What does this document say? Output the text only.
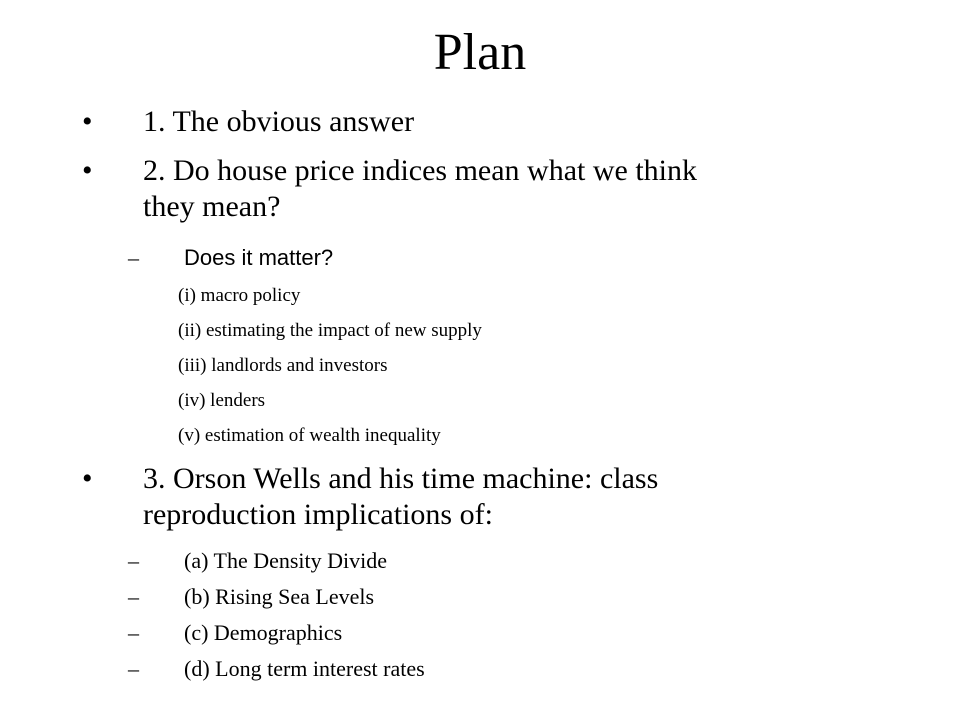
Plan
• 1. The obvious answer
• 2. Do house price indices mean what we think
they mean?
– Does it matter?
(i) macro policy
(ii) estimating the impact of new supply
(iii) landlords and investors
(iv) lenders
(v) estimation of wealth inequality
• 3. Orson Wells and his time machine: class
reproduction implications of:
– (a) The Density Divide
– (b) Rising Sea Levels
– (c) Demographics
– (d) Long term interest rates
